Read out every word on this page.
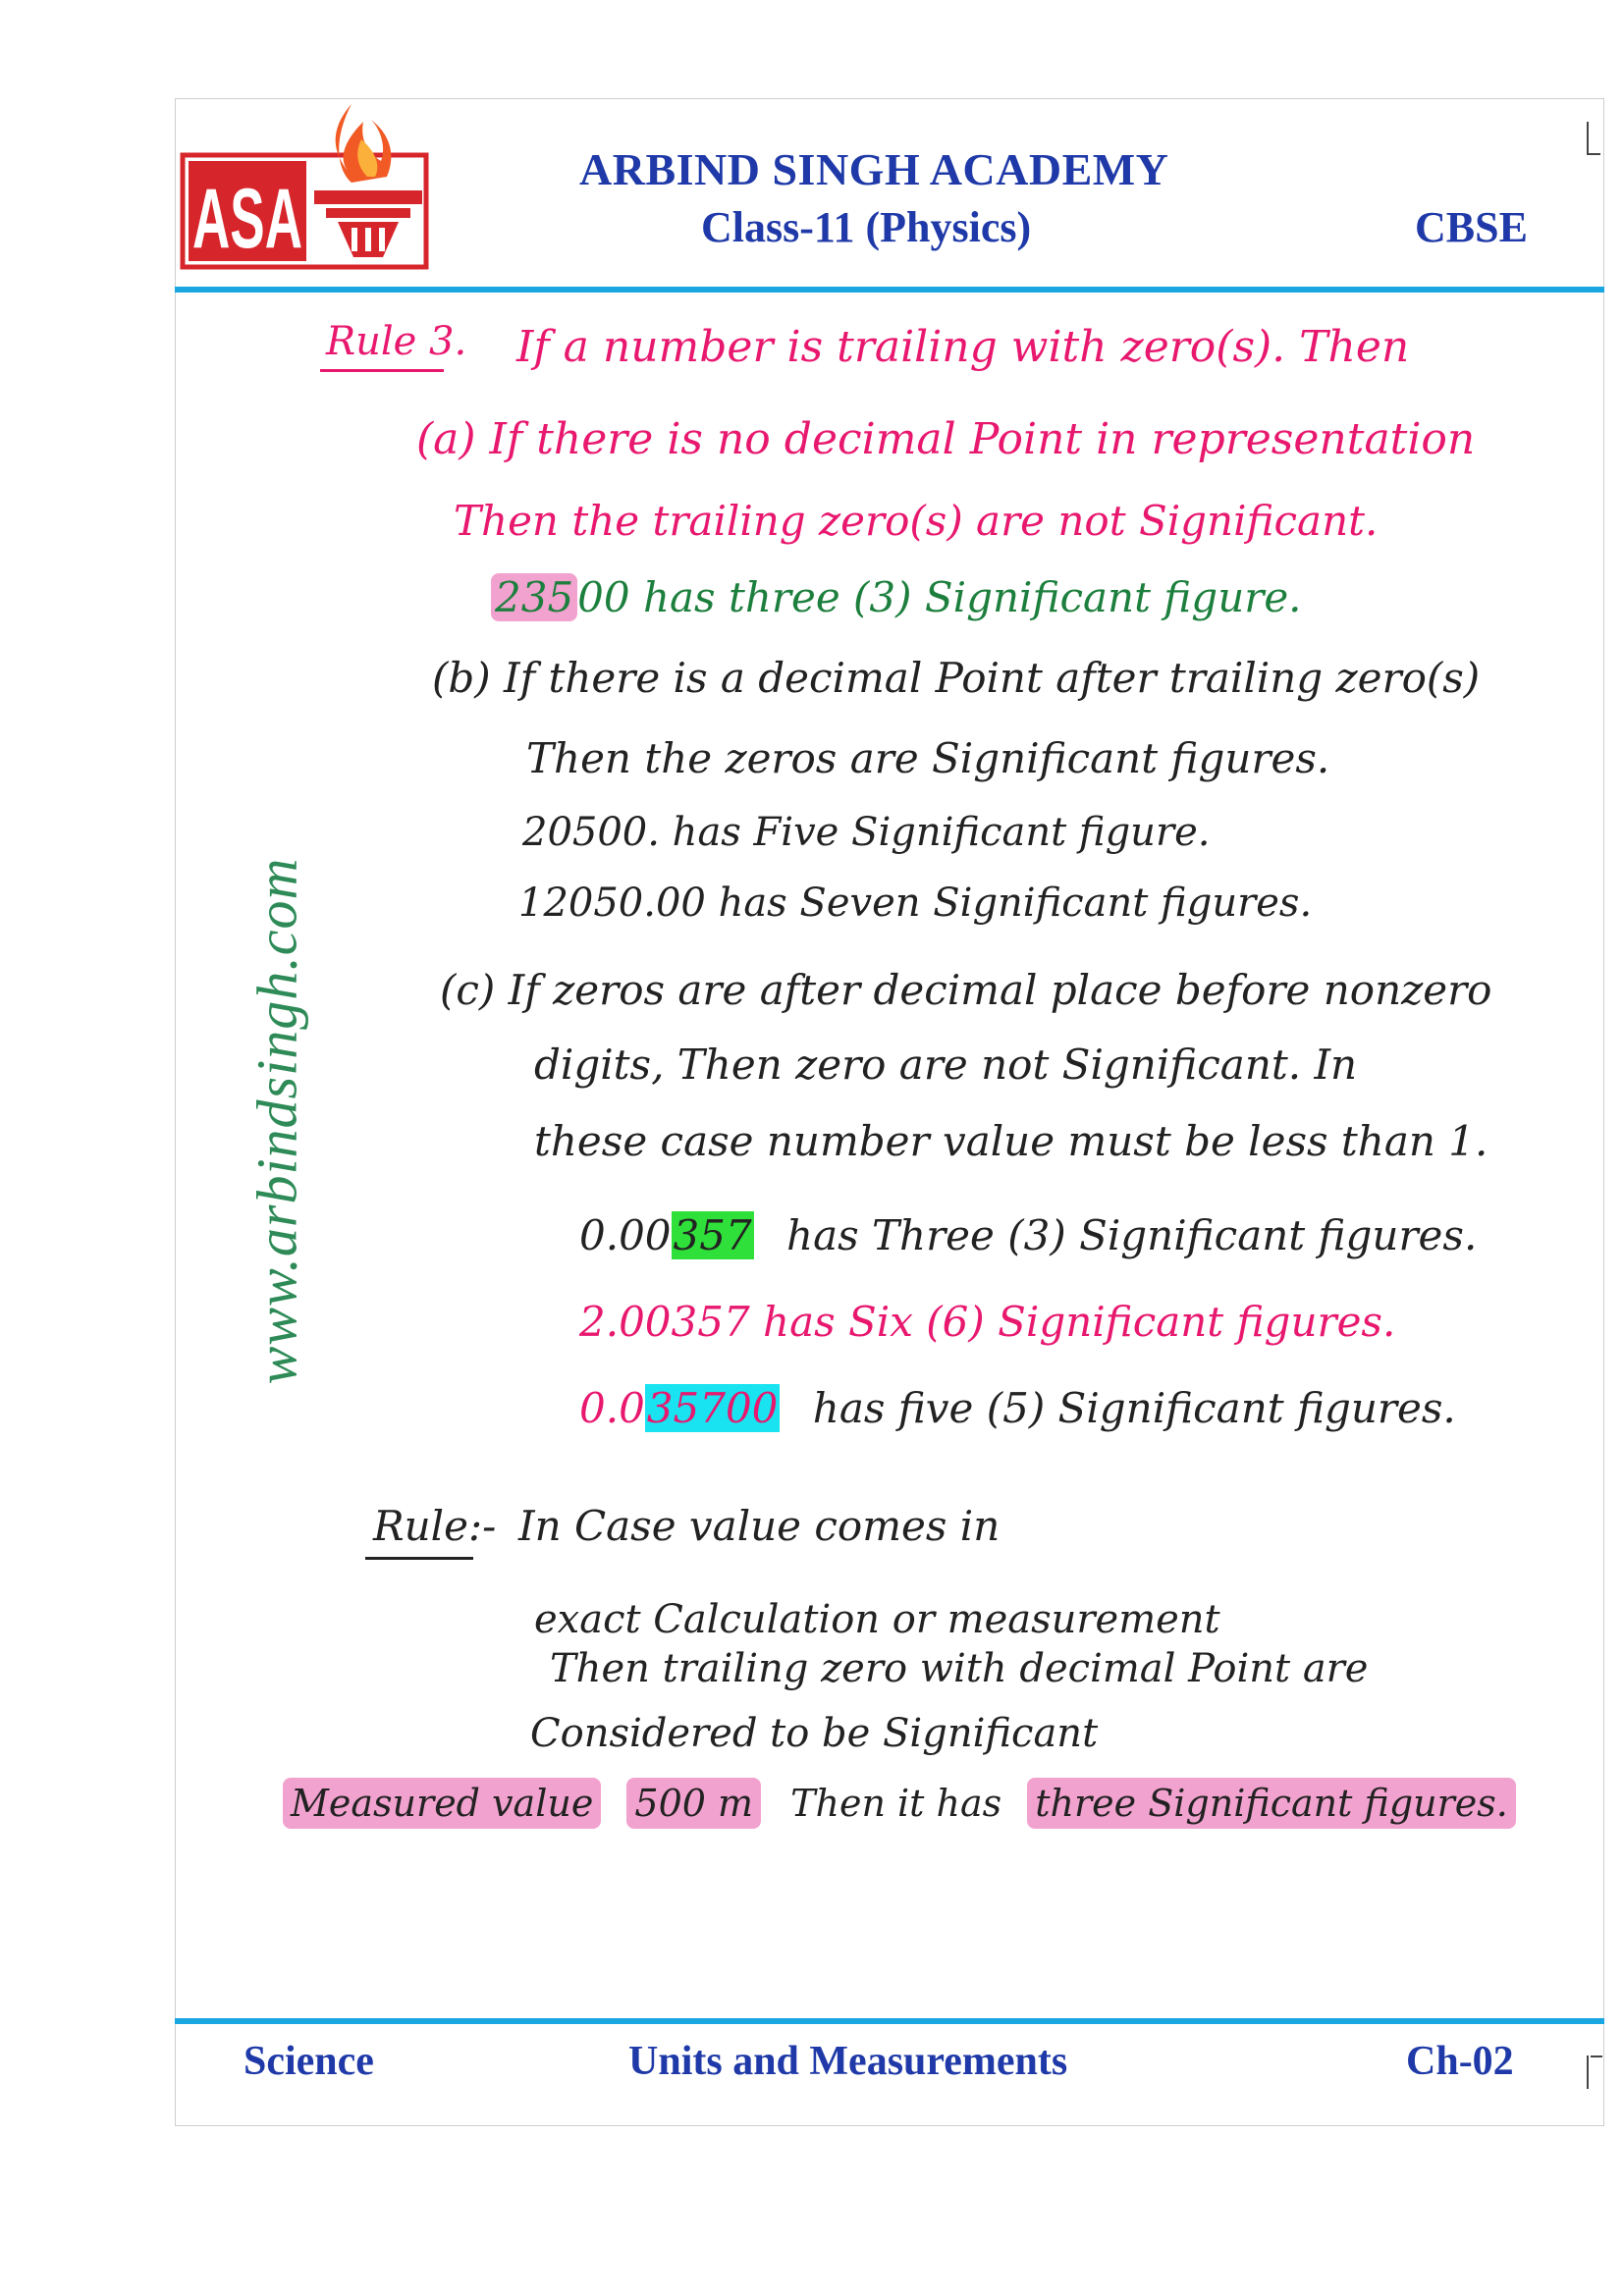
ASA
ARBIND SINGH ACADEMY
Class-11 (Physics)	CBSE
www.arbindsingh.com
Rule 3. If a number is trailing with zero(s). Then
(a) If there is no decimal Point in representation
Then the trailing zero(s) are not Significant.
23500 has three (3) Significant figure.
(b) If there is a decimal Point after trailing zero(s)
Then the zeros are Significant figures.
20500. has Five Significant figure.
12050.00 has Seven Significant figures.
(c) If zeros are after decimal place before nonzero
digits, Then zero are not Significant. In
these case number value must be less than 1.
0.00357 has Three (3) Significant figures.
2.00357 has Six (6) Significant figures.
0.035700 has five (5) Significant figures.
Rule:- In Case value comes in
exact Calculation or measurement
Then trailing zero with decimal Point are
Considered to be Significant
Measured value 500 m Then it has three Significant figures.
Science	Units and Measurements	Ch-02
